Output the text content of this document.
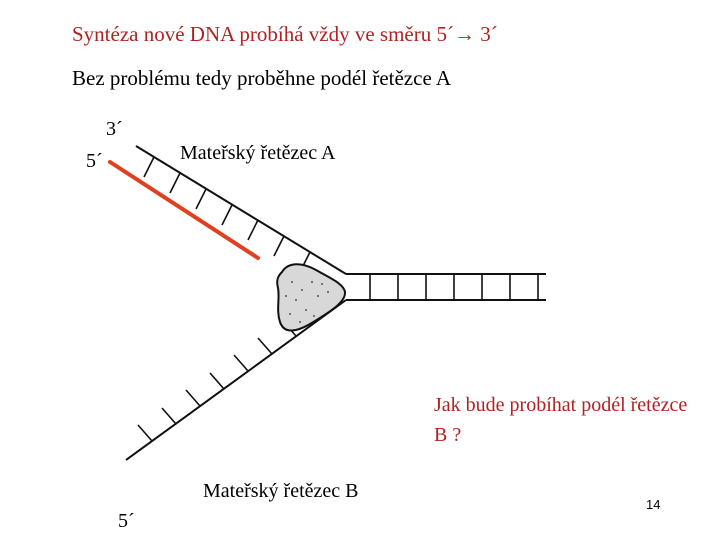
Syntéza nové DNA probíhá vždy ve směru 5´→ 3´
Bez problému tedy proběhne podél řetězce A
3´
5´	Mateřský řetězec A
Jak bude probíhat podél řetězce B ?
Mateřský řetězec B
5´
14
